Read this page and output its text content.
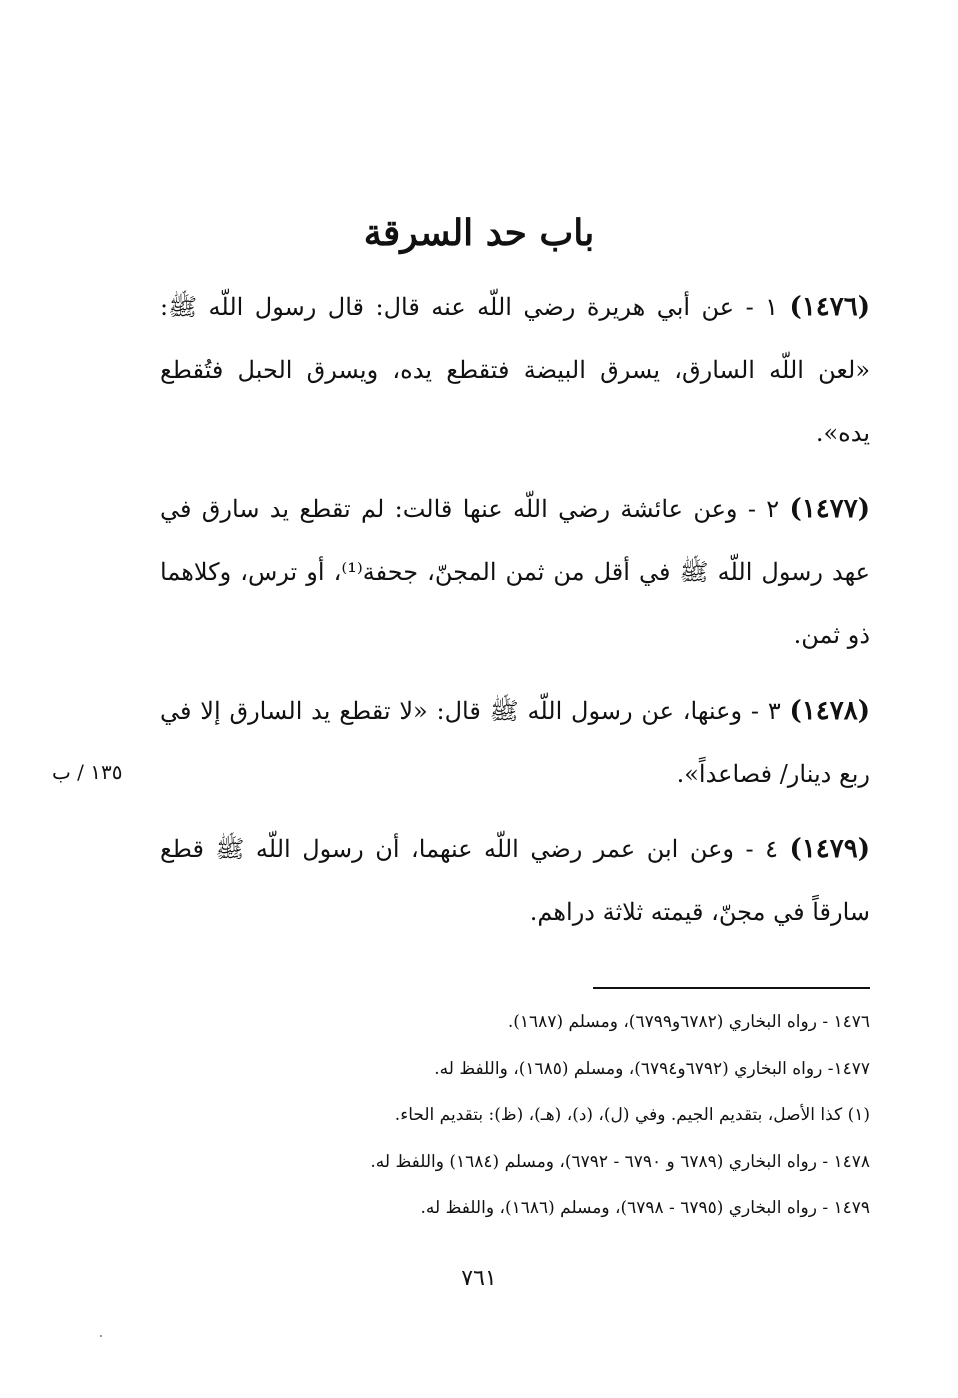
باب حد السرقة

(١٤٧٦) ١ - عن أبي هريرة رضي اللّه عنه قال: قال رسول اللّه ﷺ: «لعن اللّه السارق، يسرق البيضة فتقطع يده، ويسرق الحبل فتُقطع يده».

(١٤٧٧) ٢ - وعن عائشة رضي اللّه عنها قالت: لم تقطع يد سارق في عهد رسول اللّه ﷺ في أقل من ثمن المجنّ، جحفة⁽¹⁾، أو ترس، وكلاهما ذو ثمن.

(١٤٧٨) ٣ - وعنها، عن رسول اللّه ﷺ قال: «لا تقطع يد السارق إلا في ربع دينار/ فصاعداً».

١٣٥ / ب

(١٤٧٩) ٤ - وعن ابن عمر رضي اللّه عنهما، أن رسول اللّه ﷺ قطع سارقاً في مجنّ، قيمته ثلاثة دراهم.

١٤٧٦ - رواه البخاري (٦٧٨٢و٦٧٩٩)، ومسلم (١٦٨٧).
١٤٧٧- رواه البخاري (٦٧٩٢و٦٧٩٤)، ومسلم (١٦٨٥)، واللفظ له.
(١) كذا الأصل، بتقديم الجيم. وفي (ل)، (د)، (هـ)، (ظ): بتقديم الحاء.
١٤٧٨ - رواه البخاري (٦٧٨٩ و ٦٧٩٠ - ٦٧٩٢)، ومسلم (١٦٨٤) واللفظ له.
١٤٧٩ - رواه البخاري (٦٧٩٥ - ٦٧٩٨)، ومسلم (١٦٨٦)، واللفظ له.
٧٦١
